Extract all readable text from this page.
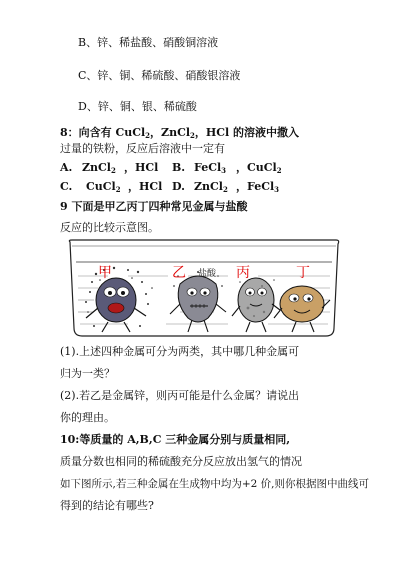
B、锌、稀盐酸、硝酸铜溶液
C、锌、铜、稀硫酸、硝酸银溶液
D、锌、铜、银、稀硫酸
8：向含有 CuCl$_2$，ZnCl$_2$，HCl 的溶液中撒入
过量的铁粉，反应后溶液中一定有
A. ZnCl$_2$ ，HCl B. FeCl$_3$ ，CuCl$_2$
C. CuCl$_2$ ，HCl D. ZnCl$_2$ ，FeCl$_3$
9 下面是甲乙丙丁四种常见金属与盐酸
反应的比较示意图。
甲	乙 盐酸 丙	丁
(1).上述四种金属可分为两类，其中哪几种金属可
归为一类？
(2).若乙是金属锌，则丙可能是什么金属？请说出
你的理由。
10:等质量的 A,B,C 三种金属分别与质量相同,
质量分数也相同的稀硫酸充分反应放出氢气的情况
如下图所示,若三种金属在生成物中均为+2 价,则你根据图中曲线可
得到的结论有哪些?
